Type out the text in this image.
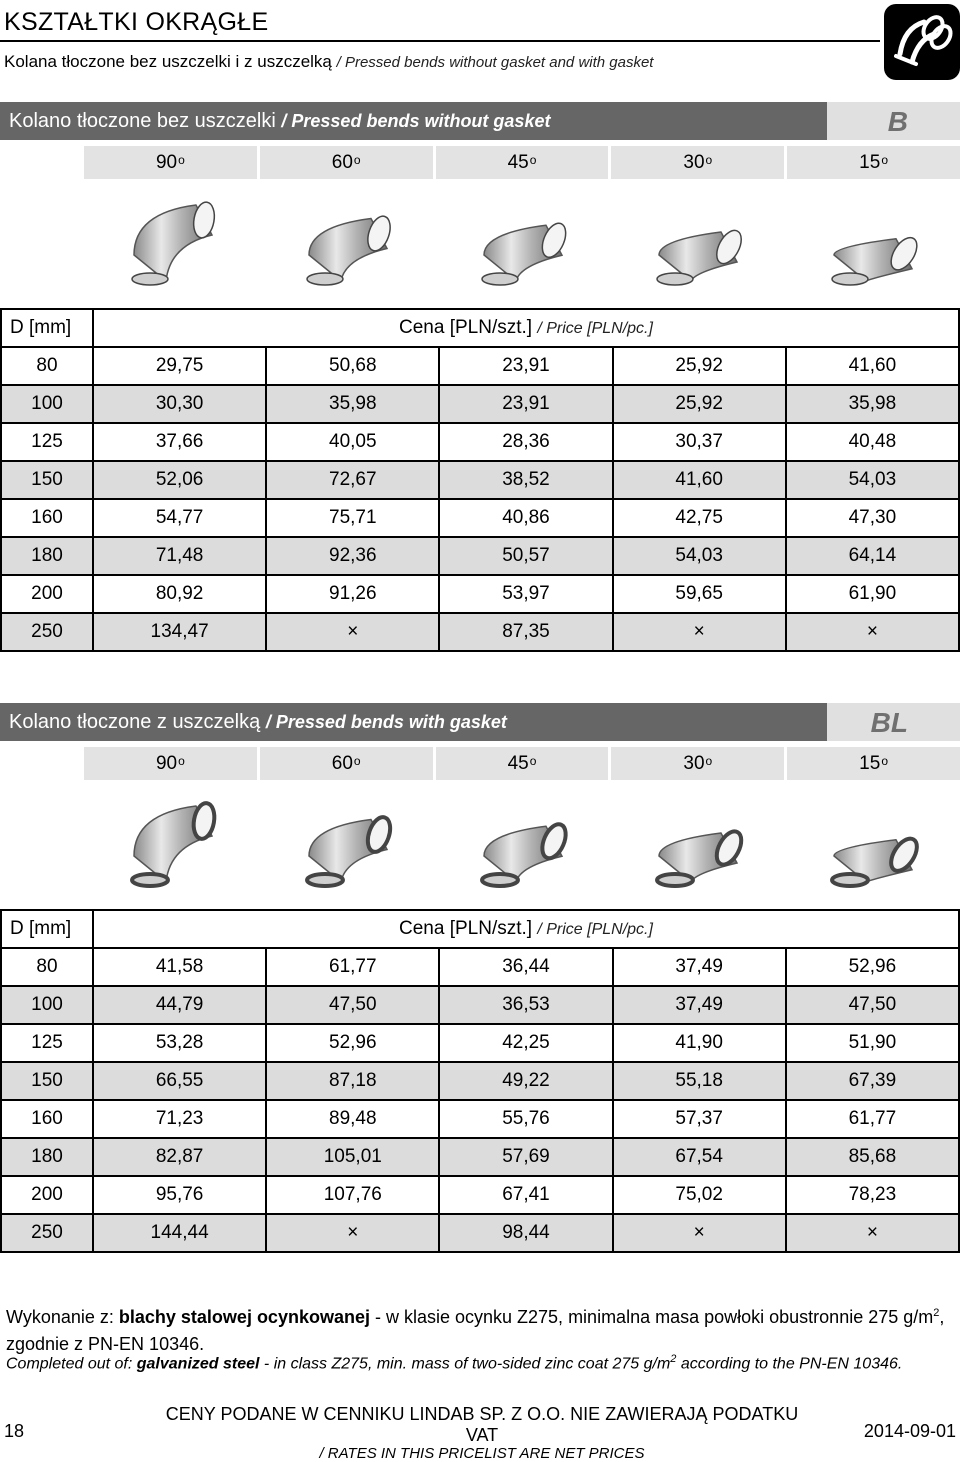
KSZTAŁTKI OKRĄGŁE
Kolana tłoczone bez uszczelki i z uszczelką / Pressed bends without gasket and with gasket
Kolano tłoczone bez uszczelki / Pressed bends without gasket	B
90$^o$	60$^o$	45$^o$	30$^o$	15$^o$
D [mm]	Cena [PLN/szt.] / Price [PLN/pc.]				
80	29,75	50,68	23,91	25,92	41,60
100	30,30	35,98	23,91	25,92	35,98
125	37,66	40,05	28,36	30,37	40,48
150	52,06	72,67	38,52	41,60	54,03
160	54,77	75,71	40,86	42,75	47,30
180	71,48	92,36	50,57	54,03	64,14
200	80,92	91,26	53,97	59,65	61,90
250	134,47	×	87,35	×	×
Kolano tłoczone z uszczelką / Pressed bends with gasket	BL
90$^o$	60$^o$	45$^o$	30$^o$	15$^o$
D [mm]	Cena [PLN/szt.] / Price [PLN/pc.]				
80	41,58	61,77	36,44	37,49	52,96
100	44,79	47,50	36,53	37,49	47,50
125	53,28	52,96	42,25	41,90	51,90
150	66,55	87,18	49,22	55,18	67,39
160	71,23	89,48	55,76	57,37	61,77
180	82,87	105,01	57,69	67,54	85,68
200	95,76	107,76	67,41	75,02	78,23
250	144,44	×	98,44	×	×
Wykonanie z: blachy stalowej ocynkowanej - w klasie ocynku Z275, minimalna masa powłoki obustronnie 275 $g/m^2$, zgodnie z PN-EN 10346.
Completed out of: galvanized steel - in class Z275, min. mass of two-sided zinc coat 275 $g/m^2$ according to the PN-EN 10346.
18
CENY PODANE W CENNIKU LINDAB SP. Z O.O. NIE ZAWIERAJĄ PODATKU VAT
/ RATES IN THIS PRICELIST ARE NET PRICES
2014-09-01
